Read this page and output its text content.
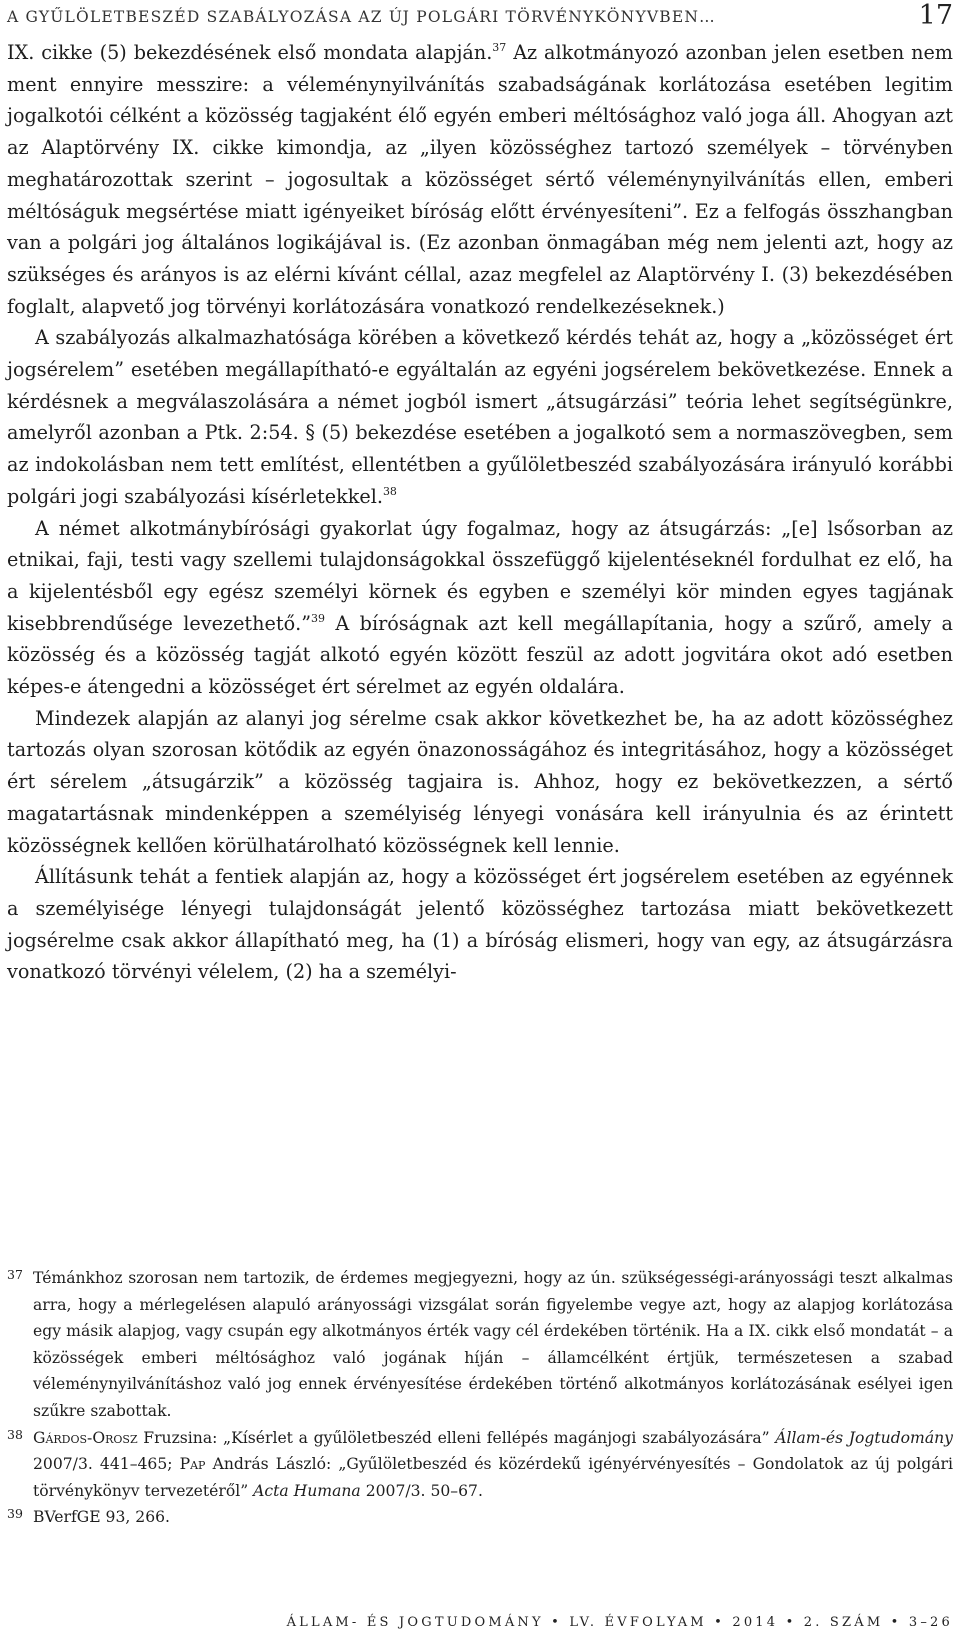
A GYŰLÖLETBESZÉD SZABÁLYOZÁSA AZ ÚJ POLGÁRI TÖRVÉNYKÖNYVBEN…	17

IX. cikke (5) bekezdésének első mondata alapján.$^{37}$ Az alkotmányozó azonban jelen esetben nem ment ennyire messzire: a véleménynyilvánítás szabadságának korlátozása esetében legitim jogalkotói célként a közösség tagjaként élő egyén emberi méltósághoz való joga áll. Ahogyan azt az Alaptörvény IX. cikke kimondja, az „ilyen közösséghez tartozó személyek – törvényben meghatározottak szerint – jogosultak a közösséget sértő véleménynyilvánítás ellen, emberi méltóságuk megsértése miatt igényeiket bíróság előtt érvényesíteni”. Ez a felfogás összhangban van a polgári jog általános logikájával is. (Ez azonban önmagában még nem jelenti azt, hogy az szükséges és arányos is az elérni kívánt céllal, azaz megfelel az Alaptörvény I. (3) bekezdésében foglalt, alapvető jog törvényi korlátozására vonatkozó rendelkezéseknek.)

A szabályozás alkalmazhatósága körében a következő kérdés tehát az, hogy a „közösséget ért jogsérelem” esetében megállapítható-e egyáltalán az egyéni jogsérelem bekövetkezése. Ennek a kérdésnek a megválaszolására a német jogból ismert „átsugárzási” teória lehet segítségünkre, amelyről azonban a Ptk. 2:54. § (5) bekezdése esetében a jogalkotó sem a normaszövegben, sem az indokolásban nem tett említést, ellentétben a gyűlöletbeszéd szabályozására irányuló korábbi polgári jogi szabályozási kísérletekkel.$^{38}$

A német alkotmánybírósági gyakorlat úgy fogalmaz, hogy az átsugárzás: „[e] lsősorban az etnikai, faji, testi vagy szellemi tulajdonságokkal összefüggő kijelentéseknél fordulhat ez elő, ha a kijelentésből egy egész személyi körnek és egyben e személyi kör minden egyes tagjának kisebbrendűsége levezethető.”$^{39}$ A bíróságnak azt kell megállapítania, hogy a szűrő, amely a közösség és a közösség tagját alkotó egyén között feszül az adott jogvitára okot adó esetben képes-e átengedni a közösséget ért sérelmet az egyén oldalára.

Mindezek alapján az alanyi jog sérelme csak akkor következhet be, ha az adott közösséghez tartozás olyan szorosan kötődik az egyén önazonosságához és integritásához, hogy a közösséget ért sérelem „átsugárzik” a közösség tagjaira is. Ahhoz, hogy ez bekövetkezzen, a sértő magatartásnak mindenképpen a személyiség lényegi vonására kell irányulnia és az érintett közösségnek kellően körülhatárolható közösségnek kell lennie.

Állításunk tehát a fentiek alapján az, hogy a közösséget ért jogsérelem esetében az egyénnek a személyisége lényegi tulajdonságát jelentő közösséghez tartozása miatt bekövetkezett jogsérelme csak akkor állapítható meg, ha (1) a bíróság elismeri, hogy van egy, az átsugárzásra vonatkozó törvényi vélelem, (2) ha a személyi-

37 Témánkhoz szorosan nem tartozik, de érdemes megjegyezni, hogy az ún. szükségességi-arányossági teszt alkalmas arra, hogy a mérlegelésen alapuló arányossági vizsgálat során figyelembe vegye azt, hogy az alapjog korlátozása egy másik alapjog, vagy csupán egy alkotmányos érték vagy cél érdekében történik. Ha a IX. cikk első mondatát – a közösségek emberi méltósághoz való jogának híján – államcélként értjük, természetesen a szabad véleménynyilvánításhoz való jog ennek érvényesítése érdekében történő alkotmányos korlátozásának esélyei igen szűkre szabottak.

38 Gárdos-Orosz Fruzsina: „Kísérlet a gyűlöletbeszéd elleni fellépés magánjogi szabályozására” Állam-és Jogtudomány 2007/3. 441–465; Pap András László: „Gyűlöletbeszéd és közérdekű igényérvényesítés – Gondolatok az új polgári törvénykönyv tervezetéről” Acta Humana 2007/3. 50–67.

39 BVerfGE 93, 266.

ÁLLAM- ÉS JOGTUDOMÁNY • LV. ÉVFOLYAM • 2014 • 2. SZÁM • 3–26
